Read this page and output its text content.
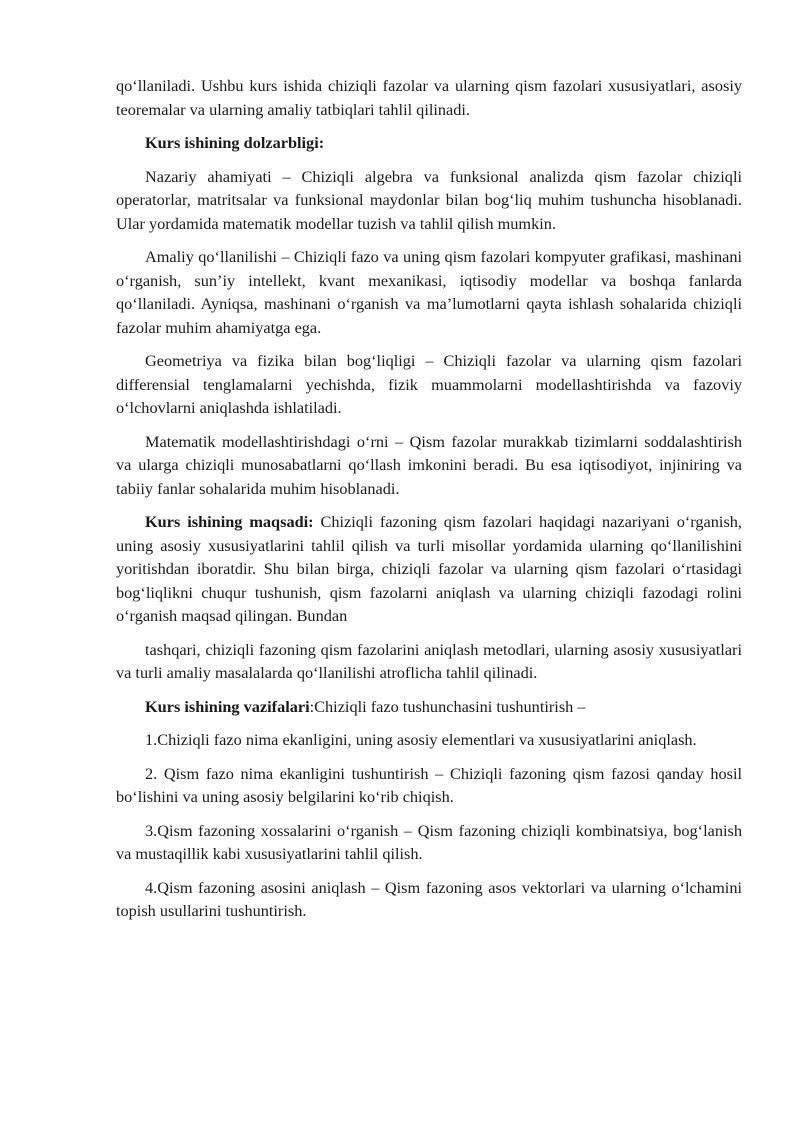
qo‘llaniladi. Ushbu kurs ishida chiziqli fazolar va ularning qism fazolari xususiyatlari, asosiy teoremalar va ularning amaliy tatbiqlari tahlil qilinadi.

Kurs ishining dolzarbligi:

Nazariy ahamiyati – Chiziqli algebra va funksional analizda qism fazolar chiziqli operatorlar, matritsalar va funksional maydonlar bilan bog‘liq muhim tushuncha hisoblanadi. Ular yordamida matematik modellar tuzish va tahlil qilish mumkin.

Amaliy qo‘llanilishi – Chiziqli fazo va uning qism fazolari kompyuter grafikasi, mashinani o‘rganish, sun’iy intellekt, kvant mexanikasi, iqtisodiy modellar va boshqa fanlarda qo‘llaniladi. Ayniqsa, mashinani o‘rganish va ma’lumotlarni qayta ishlash sohalarida chiziqli fazolar muhim ahamiyatga ega.

Geometriya va fizika bilan bog‘liqligi – Chiziqli fazolar va ularning qism fazolari differensial tenglamalarni yechishda, fizik muammolarni modellashtirishda va fazoviy o‘lchovlarni aniqlashda ishlatiladi.

Matematik modellashtirishdagi o‘rni – Qism fazolar murakkab tizimlarni soddalashtirish va ularga chiziqli munosabatlarni qo‘llash imkonini beradi. Bu esa iqtisodiyot, injiniring va tabiiy fanlar sohalarida muhim hisoblanadi.

Kurs ishining maqsadi: Chiziqli fazoning qism fazolari haqidagi nazariyani o‘rganish, uning asosiy xususiyatlarini tahlil qilish va turli misollar yordamida ularning qo‘llanilishini yoritishdan iboratdir. Shu bilan birga, chiziqli fazolar va ularning qism fazolari o‘rtasidagi bog‘liqlikni chuqur tushunish, qism fazolarni aniqlash va ularning chiziqli fazodagi rolini o‘rganish maqsad qilingan. Bundan

tashqari, chiziqli fazoning qism fazolarini aniqlash metodlari, ularning asosiy xususiyatlari va turli amaliy masalalarda qo‘llanilishi atroflicha tahlil qilinadi.

Kurs ishining vazifalari:Chiziqli fazo tushunchasini tushuntirish –

1.Chiziqli fazo nima ekanligini, uning asosiy elementlari va xususiyatlarini aniqlash.

2. Qism fazo nima ekanligini tushuntirish – Chiziqli fazoning qism fazosi qanday hosil bo‘lishini va uning asosiy belgilarini ko‘rib chiqish.

3.Qism fazoning xossalarini o‘rganish – Qism fazoning chiziqli kombinatsiya, bog‘lanish va mustaqillik kabi xususiyatlarini tahlil qilish.

4.Qism fazoning asosini aniqlash – Qism fazoning asos vektorlari va ularning o‘lchamini topish usullarini tushuntirish.
